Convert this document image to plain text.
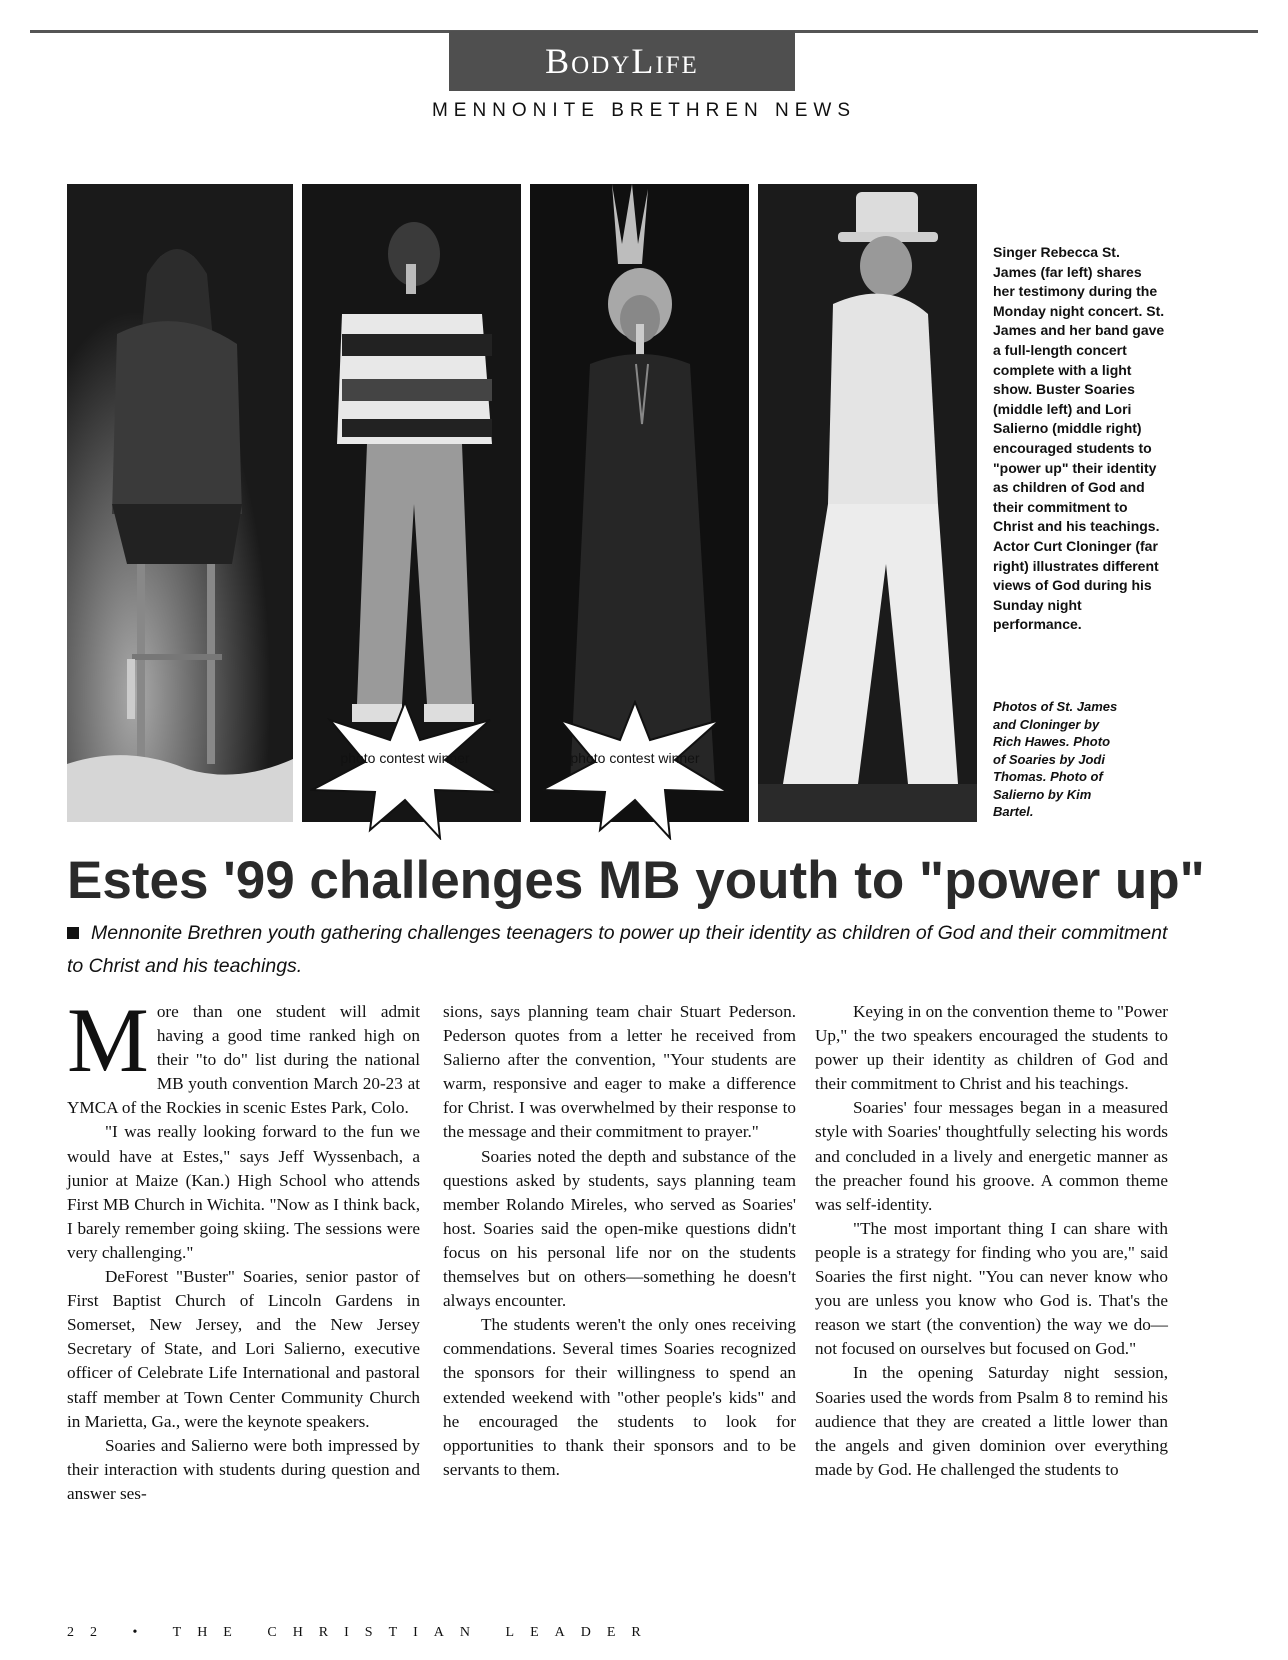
BodyLife
MENNONITE BRETHREN NEWS
photo contest winner	photo contest winner
Singer Rebecca St. James (far left) shares her testimony during the Monday night concert. St. James and her band gave a full-length concert complete with a light show. Buster Soaries (middle left) and Lori Salierno (middle right) encouraged students to "power up" their identity as children of God and their commitment to Christ and his teachings. Actor Curt Cloninger (far right) illustrates different views of God during his Sunday night performance.
Photos of St. James and Cloninger by Rich Hawes. Photo of Soaries by Jodi Thomas. Photo of Salierno by Kim Bartel.
Estes '99 challenges MB youth to "power up"
Mennonite Brethren youth gathering challenges teenagers to power up their identity as children of God and their commitment to Christ and his teachings.

More than one student will admit having a good time ranked high on their "to do" list during the national MB youth convention March 20-23 at YMCA of the Rockies in scenic Estes Park, Colo.

"I was really looking forward to the fun we would have at Estes," says Jeff Wyssenbach, a junior at Maize (Kan.) High School who attends First MB Church in Wichita. "Now as I think back, I barely remember going skiing. The sessions were very challenging."

DeForest "Buster" Soaries, senior pastor of First Baptist Church of Lincoln Gardens in Somerset, New Jersey, and the New Jersey Secretary of State, and Lori Salierno, executive officer of Celebrate Life International and pastoral staff member at Town Center Community Church in Marietta, Ga., were the keynote speakers.

Soaries and Salierno were both impressed by their interaction with students during question and answer ses-

sions, says planning team chair Stuart Pederson. Pederson quotes from a letter he received from Salierno after the convention, "Your students are warm, responsive and eager to make a difference for Christ. I was overwhelmed by their response to the message and their commitment to prayer."

Soaries noted the depth and substance of the questions asked by students, says planning team member Rolando Mireles, who served as Soaries' host. Soaries said the open-mike questions didn't focus on his personal life nor on the students themselves but on others—something he doesn't always encounter.

The students weren't the only ones receiving commendations. Several times Soaries recognized the sponsors for their willingness to spend an extended weekend with "other people's kids" and he encouraged the students to look for opportunities to thank their sponsors and to be servants to them.

Keying in on the convention theme to "Power Up," the two speakers encouraged the students to power up their identity as children of God and their commitment to Christ and his teachings.

Soaries' four messages began in a measured style with Soaries' thoughtfully selecting his words and concluded in a lively and energetic manner as the preacher found his groove. A common theme was self-identity.

"The most important thing I can share with people is a strategy for finding who you are," said Soaries the first night. "You can never know who you are unless you know who God is. That's the reason we start (the convention) the way we do—not focused on ourselves but focused on God."

In the opening Saturday night session, Soaries used the words from Psalm 8 to remind his audience that they are created a little lower than the angels and given dominion over everything made by God. He challenged the students to

22 • THE CHRISTIAN LEADER
